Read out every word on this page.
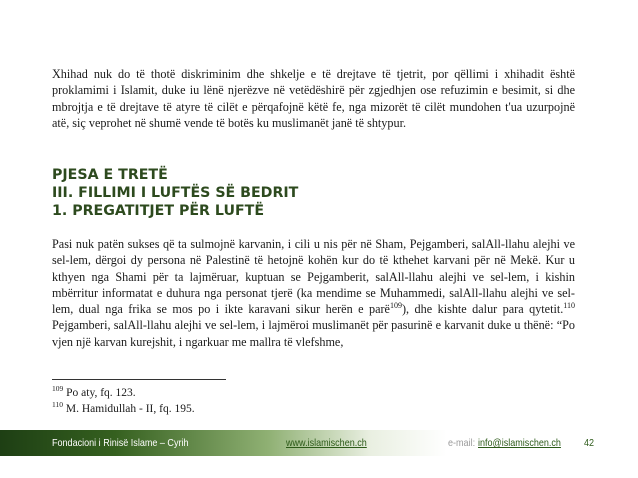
Xhihad nuk do të thotë diskriminim dhe shkelje e të drejtave të tjetrit, por qëllimi i xhihadit është proklamimi i Islamit, duke iu lënë njerëzve në vetëdëshirë për zgjedhjen ose refuzimin e besimit, si dhe mbrojtja e të drejtave të atyre të cilët e përqafojnë këtë fe, nga mizorët të cilët mundohen t'ua uzurpojnë atë, siç veprohet në shumë vende të botës ku muslimanët janë të shtypur.

PJESA E TRETË
III. FILLIMI I LUFTËS SË BEDRIT
1. PREGATITJET PËR LUFTË

Pasi nuk patën sukses që ta sulmojnë karvanin, i cili u nis për në Sham, Pejgamberi, salAll-llahu alejhi ve sel-lem, dërgoi dy persona në Palestinë të hetojnë kohën kur do të kthehet karvani për në Mekë. Kur u kthyen nga Shami për ta lajmëruar, kuptuan se Pejgamberit, salAll-llahu alejhi ve sel-lem, i kishin mbërritur informatat e duhura nga personat tjerë (ka mendime se Muhammedi, salAll-llahu alejhi ve sel-lem, dual nga frika se mos po i ikte karavani sikur herën e parë$^{109}$), dhe kishte dalur para qytetit.$^{110}$ Pejgamberi, salAll-llahu alejhi ve sel-lem, i lajmëroi muslimanët për pasurinë e karvanit duke u thënë: “Po vjen një karvan kurejshit, i ngarkuar me mallra të vlefshme,

$^{109}$ Po aty, fq. 123.
$^{110}$ M. Hamidullah - II, fq. 195.
Fondacioni i Rinisë Islame – Cyrih	www.islamischen.ch	e-mail: info@islamischen.ch 42
